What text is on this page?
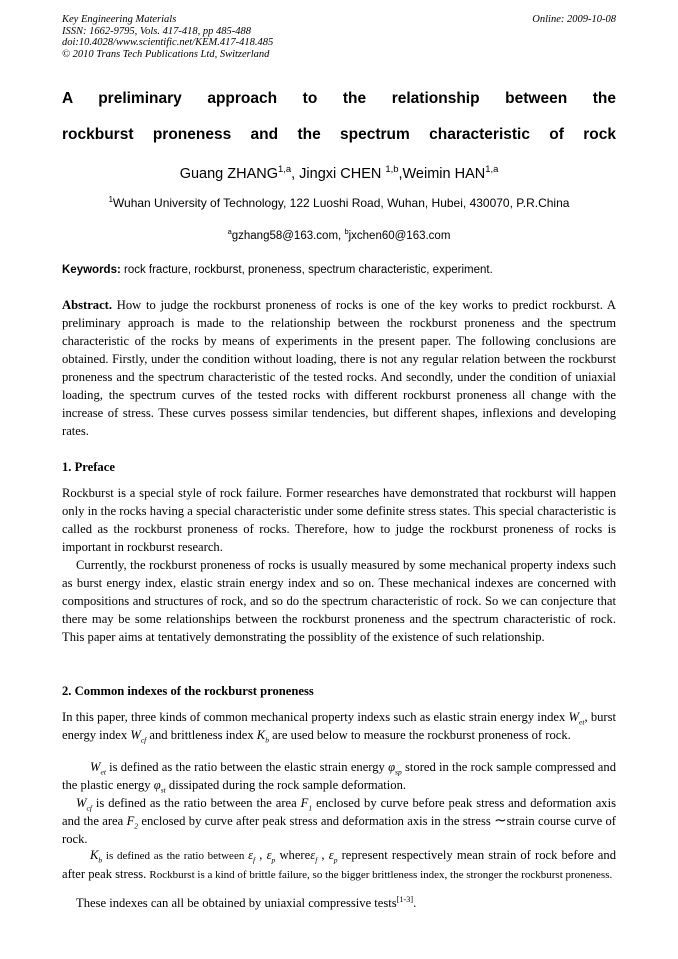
Key Engineering Materials
ISSN: 1662-9795, Vols. 417-418, pp 485-488
doi:10.4028/www.scientific.net/KEM.417-418.485
© 2010 Trans Tech Publications Ltd, Switzerland
Online: 2009-10-08
A preliminary approach to the relationship between the
rockburst proneness and the spectrum characteristic of rock
Guang ZHANG$^{1,a}$, Jingxi CHEN $^{1,b}$,Weimin HAN$^{1,a}$
$^1$Wuhan University of Technology, 122 Luoshi Road, Wuhan, Hubei, 430070, P.R.China
$^a$gzhang58@163.com, $^b$jxchen60@163.com
Keywords: rock fracture, rockburst, proneness, spectrum characteristic, experiment.

Abstract. How to judge the rockburst proneness of rocks is one of the key works to predict rockburst. A preliminary approach is made to the relationship between the rockburst proneness and the spectrum characteristic of the rocks by means of experiments in the present paper. The following conclusions are obtained. Firstly, under the condition without loading, there is not any regular relation between the rockburst proneness and the spectrum characteristic of the tested rocks. And secondly, under the condition of uniaxial loading, the spectrum curves of the tested rocks with different rockburst proneness all change with the increase of stress. These curves possess similar tendencies, but different shapes, inflexions and developing rates.

1. Preface

Rockburst is a special style of rock failure. Former researches have demonstrated that rockburst will happen only in the rocks having a special characteristic under some definite stress states. This special characteristic is called as the rockburst proneness of rocks. Therefore, how to judge the rockburst proneness of rocks is important in rockburst research.

Currently, the rockburst proneness of rocks is usually measured by some mechanical property indexs such as burst energy index, elastic strain energy index and so on. These mechanical indexes are concerned with compositions and structures of rock, and so do the spectrum characteristic of rock. So we can conjecture that there may be some relationships between the rockburst proneness and the spectrum characteristic of rock. This paper aims at tentatively demonstrating the possiblity of the existence of such relationship.

2. Common indexes of the rockburst proneness

In this paper, three kinds of common mechanical property indexs such as elastic strain energy index $W_{et}$, burst energy index $W_{cf}$ and brittleness index $K_b$ are used below to measure the rockburst proneness of rock.

$W_{et}$ is defined as the ratio between the elastic strain energy $\varphi_{sp}$ stored in the rock sample compressed and the plastic energy $\varphi_{st}$ dissipated during the rock sample deformation.

$W_{cf}$ is defined as the ratio between the area $F_1$ enclosed by curve before peak stress and deformation axis and the area $F_2$ enclosed by curve after peak stress and deformation axis in the stress ∼strain course curve of rock.

$K_b$ is defined as the ratio between $\varepsilon_f$ , $\varepsilon_p$ whereε$_f$ , $\varepsilon_p$ represent respectively mean strain of rock before and after peak stress. Rockburst is a kind of brittle failure, so the bigger brittleness index, the stronger the rockburst proneness.

These indexes can all be obtained by uniaxial compressive tests[1-3].
